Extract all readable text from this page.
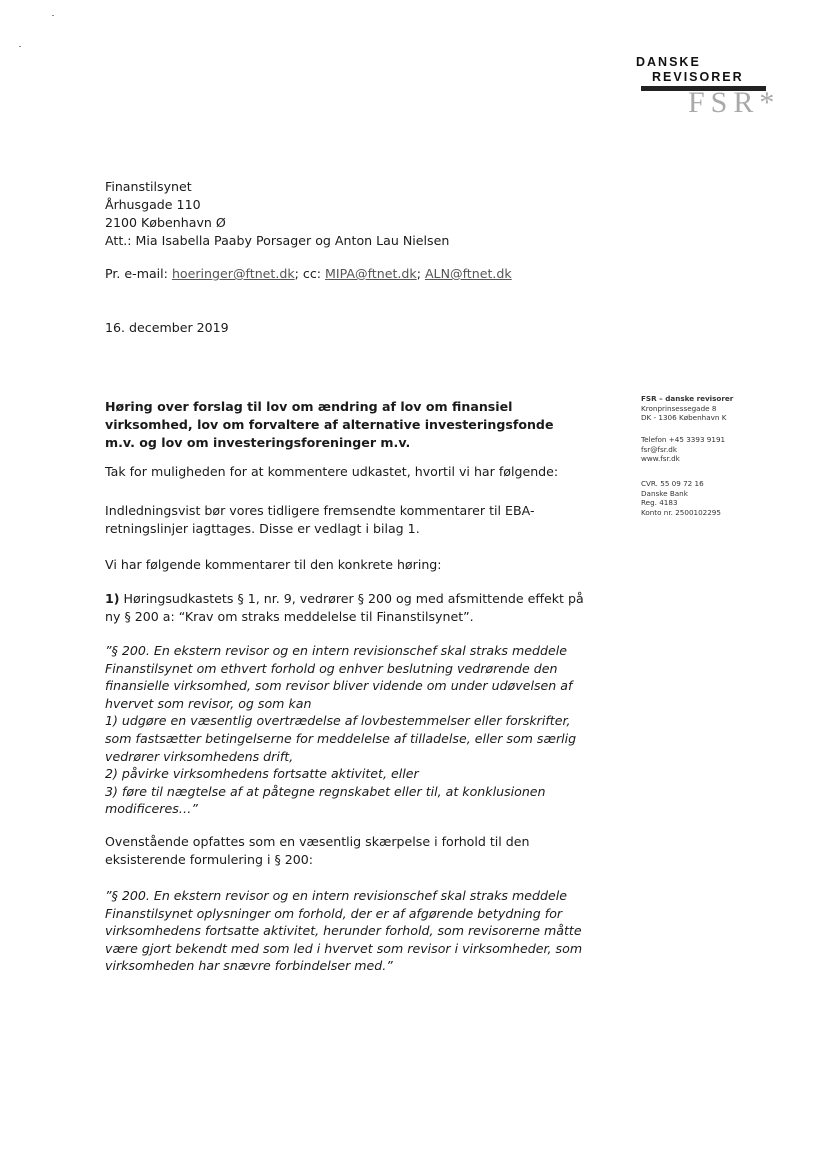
DANSKE
REVISORER
FSR*
Finanstilsynet
Århusgade 110
2100 København Ø
Att.: Mia Isabella Paaby Porsager og Anton Lau Nielsen
Pr. e-mail: hoeringer@ftnet.dk; cc: MIPA@ftnet.dk; ALN@ftnet.dk
16. december 2019
Høring over forslag til lov om ændring af lov om finansiel virksomhed, lov om forvaltere af alternative investeringsfonde m.v. og lov om investeringsforeninger m.v.
Tak for muligheden for at kommentere udkastet, hvortil vi har følgende:
Indledningsvist bør vores tidligere fremsendte kommentarer til EBA-retningslinjer iagttages. Disse er vedlagt i bilag 1.
Vi har følgende kommentarer til den konkrete høring:
1) Høringsudkastets § 1, nr. 9, vedrører § 200 og med afsmittende effekt på ny § 200 a: “Krav om straks meddelelse til Finanstilsynet”.
”§ 200. En ekstern revisor og en intern revisionschef skal straks meddele Finanstilsynet om ethvert forhold og enhver beslutning vedrørende den finansielle virksomhed, som revisor bliver vidende om under udøvelsen af hvervet som revisor, og som kan
1) udgøre en væsentlig overtrædelse af lovbestemmelser eller forskrifter, som fastsætter betingelserne for meddelelse af tilladelse, eller som særlig vedrører virksomhedens drift,
2) påvirke virksomhedens fortsatte aktivitet, eller
3) føre til nægtelse af at påtegne regnskabet eller til, at konklusionen modificeres…”
Ovenstående opfattes som en væsentlig skærpelse i forhold til den eksisterende formulering i § 200:
”§ 200. En ekstern revisor og en intern revisionschef skal straks meddele Finanstilsynet oplysninger om forhold, der er af afgørende betydning for virksomhedens fortsatte aktivitet, herunder forhold, som revisorerne måtte være gjort bekendt med som led i hvervet som revisor i virksomheder, som virksomheden har snævre forbindelser med.”
FSR – danske revisorer
Kronprinsessegade 8
DK - 1306 København K
Telefon +45 3393 9191
fsr@fsr.dk
www.fsr.dk
CVR. 55 09 72 16
Danske Bank
Reg. 4183
Konto nr. 2500102295
